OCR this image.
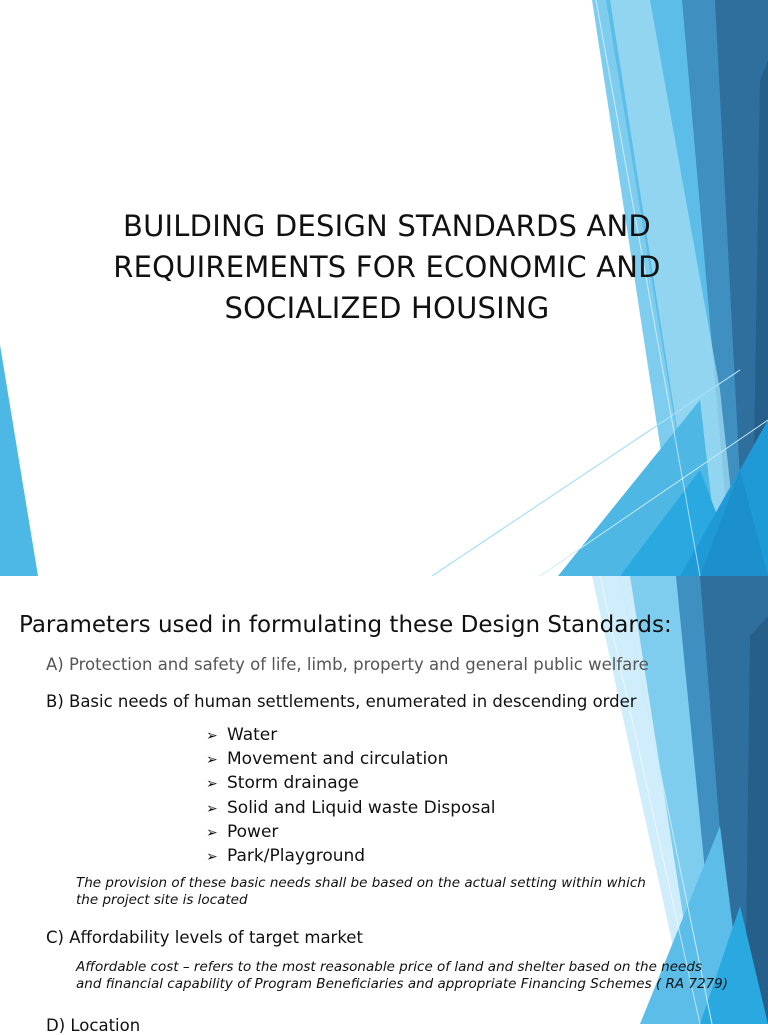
BUILDING DESIGN STANDARDS AND
REQUIREMENTS FOR ECONOMIC AND
SOCIALIZED HOUSING
Parameters used in formulating these Design Standards:
A) Protection and safety of life, limb, property and general public welfare
B) Basic needs of human settlements, enumerated in descending order
➢ Water
➢ Movement and circulation
➢ Storm drainage
➢ Solid and Liquid waste Disposal
➢ Power
➢ Park/Playground
The provision of these basic needs shall be based on the actual setting within which
the project site is located
C) Affordability levels of target market
Affordable cost – refers to the most reasonable price of land and shelter based on the needs
and financial capability of Program Beneficiaries and appropriate Financing Schemes ( RA 7279)
D) Location
